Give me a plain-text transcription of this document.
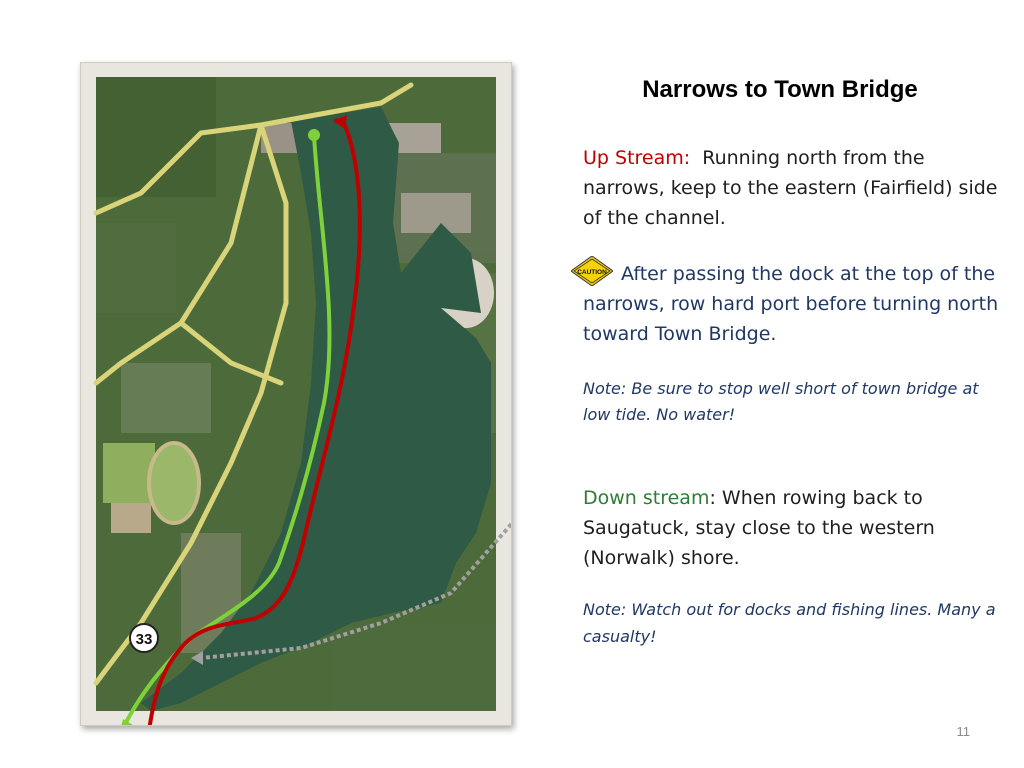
33
Narrows to Town Bridge
Up Stream: Running north from the narrows, keep to the eastern (Fairfield) side of the channel.
CAUTION After passing the dock at the top of the narrows, row hard port before turning north toward Town Bridge.
Note: Be sure to stop well short of town bridge at low tide. No water!
Down stream: When rowing back to Saugatuck, stay close to the western (Norwalk) shore.
Note: Watch out for docks and fishing lines. Many a casualty!
11
